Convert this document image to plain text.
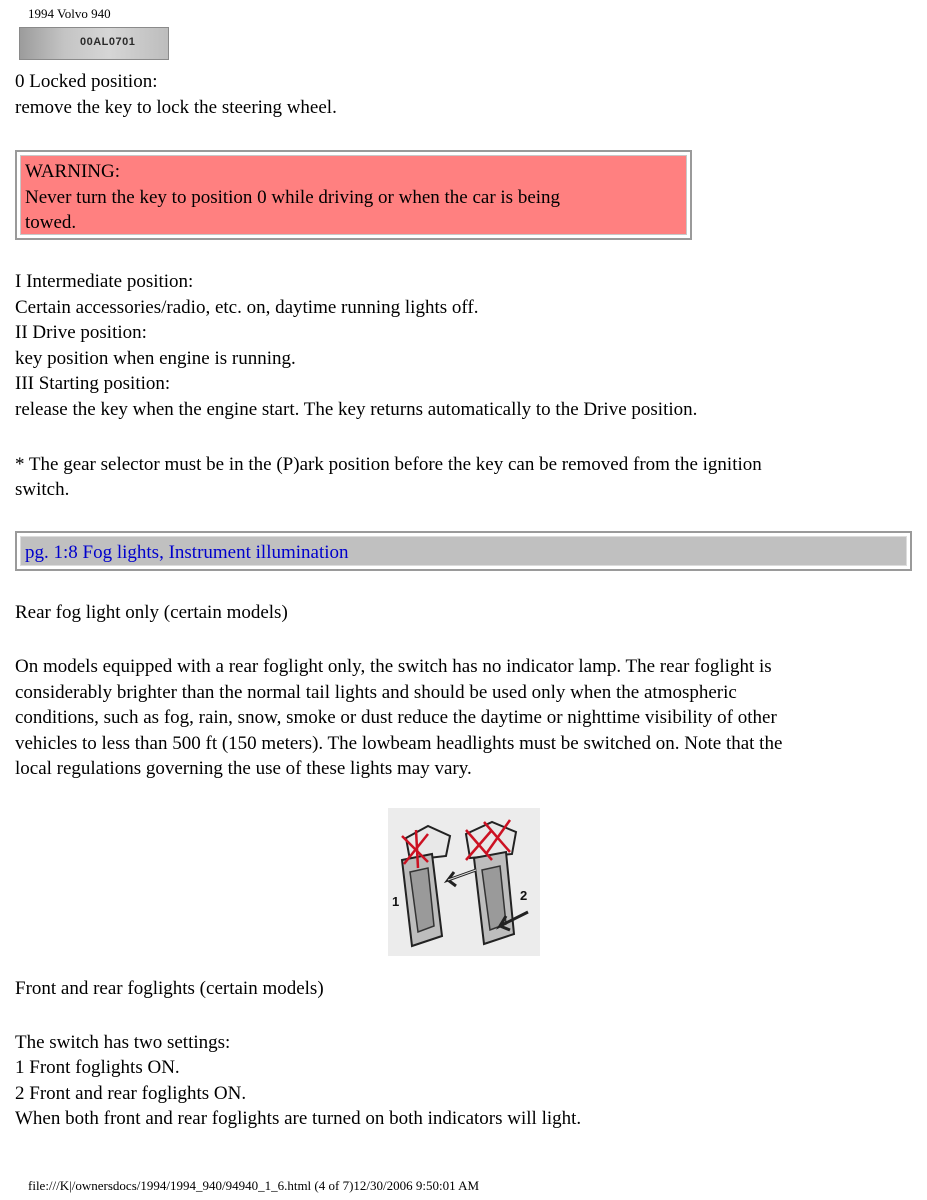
1994 Volvo 940
00AL0701
0 Locked position:
remove the key to lock the steering wheel.
WARNING:
Never turn the key to position 0 while driving or when the car is being
towed.
I Intermediate position:
Certain accessories/radio, etc. on, daytime running lights off.
II Drive position:
key position when engine is running.
III Starting position:
release the key when the engine start. The key returns automatically to the Drive position.
* The gear selector must be in the (P)ark position before the key can be removed from the ignition
switch.
pg. 1:8 Fog lights, Instrument illumination
Rear fog light only (certain models)
On models equipped with a rear foglight only, the switch has no indicator lamp. The rear foglight is
considerably brighter than the normal tail lights and should be used only when the atmospheric
conditions, such as fog, rain, snow, smoke or dust reduce the daytime or nighttime visibility of other
vehicles to less than 500 ft (150 meters). The lowbeam headlights must be switched on. Note that the
local regulations governing the use of these lights may vary.
1	2
Front and rear foglights (certain models)
The switch has two settings:
1 Front foglights ON.
2 Front and rear foglights ON.
When both front and rear foglights are turned on both indicators will light.
file:///K|/ownersdocs/1994/1994_940/94940_1_6.html (4 of 7)12/30/2006 9:50:01 AM
